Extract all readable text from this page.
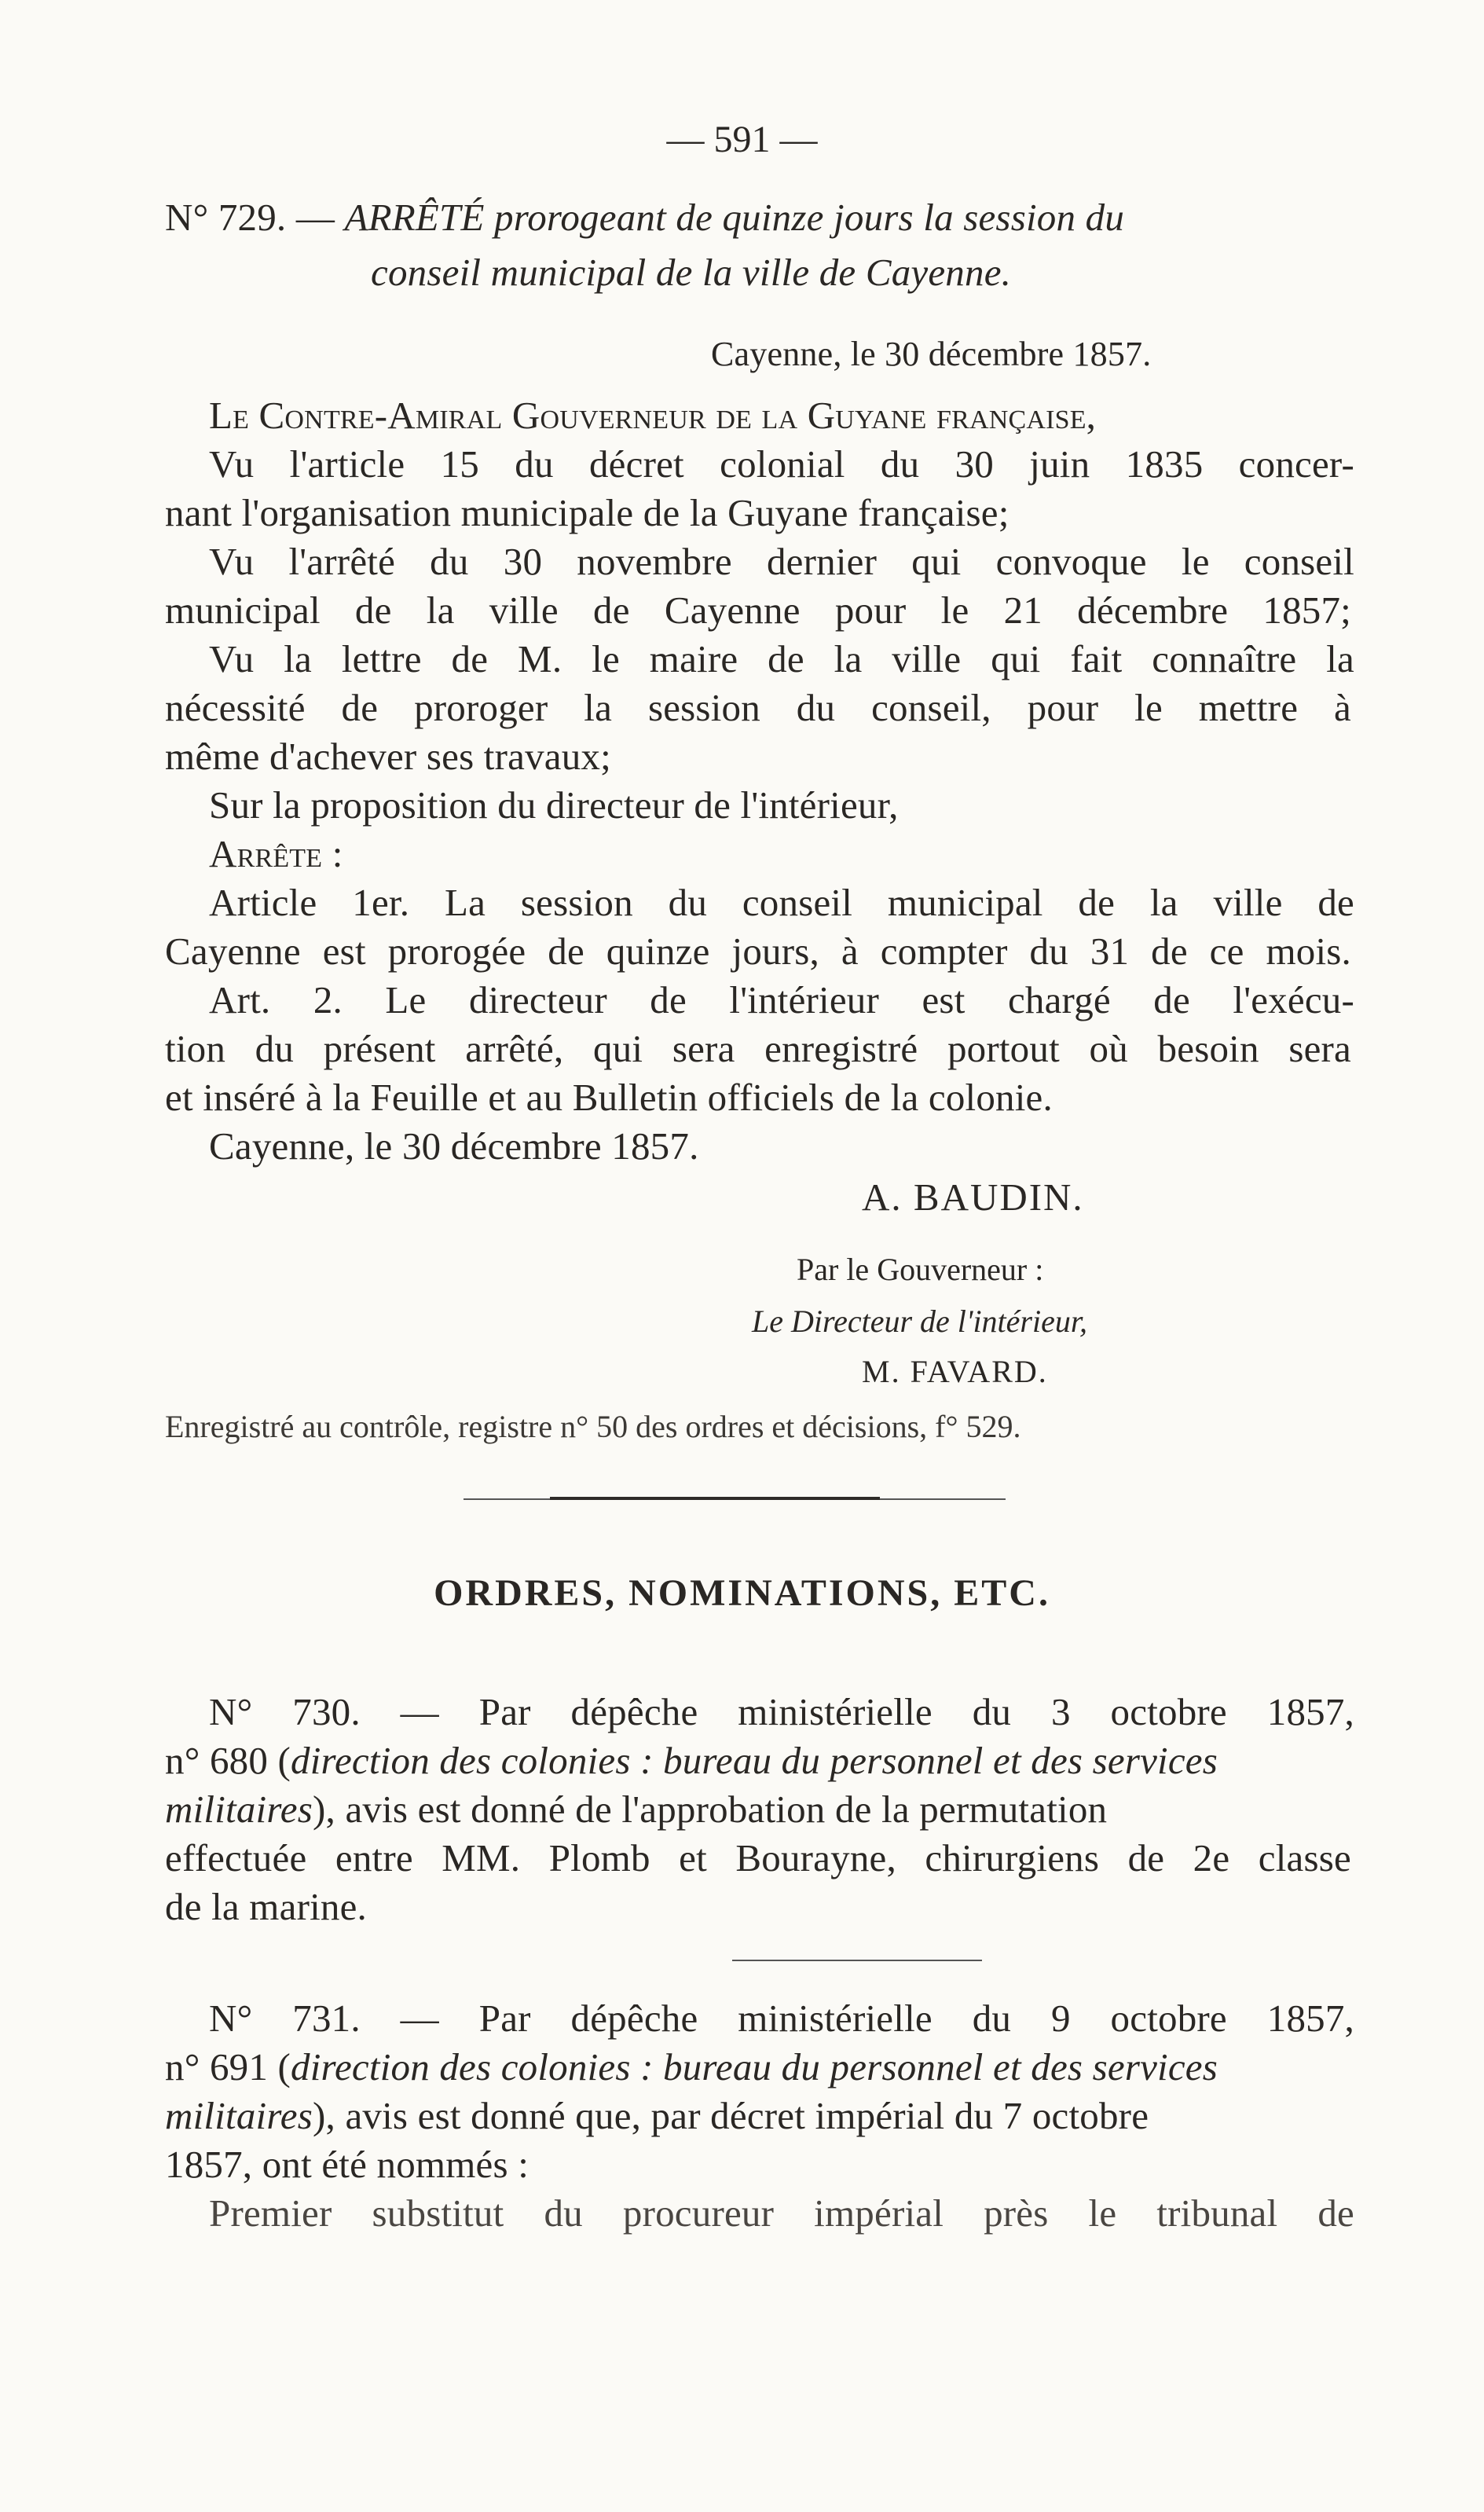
— 591 —
N° 729. — ARRÊTÉ prorogeant de quinze jours la session du
conseil municipal de la ville de Cayenne.
Cayenne, le 30 décembre 1857.
Le Contre-Amiral Gouverneur de la Guyane française,
Vu l'article 15 du décret colonial du 30 juin 1835 concer-
nant l'organisation municipale de la Guyane française;
Vu l'arrêté du 30 novembre dernier qui convoque le conseil
municipal de la ville de Cayenne pour le 21 décembre 1857;
Vu la lettre de M. le maire de la ville qui fait connaître la
nécessité de proroger la session du conseil, pour le mettre à
même d'achever ses travaux;
Sur la proposition du directeur de l'intérieur,
Arrête :
Article 1er. La session du conseil municipal de la ville de
Cayenne est prorogée de quinze jours, à compter du 31 de ce mois.
Art. 2. Le directeur de l'intérieur est chargé de l'exécu-
tion du présent arrêté, qui sera enregistré portout où besoin sera
et inséré à la Feuille et au Bulletin officiels de la colonie.
Cayenne, le 30 décembre 1857.
A. BAUDIN.
Par le Gouverneur :
Le Directeur de l'intérieur,
M. FAVARD.
Enregistré au contrôle, registre n° 50 des ordres et décisions, f° 529.
ORDRES, NOMINATIONS, ETC.
N° 730. — Par dépêche ministérielle du 3 octobre 1857,
n° 680 (direction des colonies : bureau du personnel et des services
militaires), avis est donné de l'approbation de la permutation
effectuée entre MM. Plomb et Bourayne, chirurgiens de 2e classe
de la marine.
N° 731. — Par dépêche ministérielle du 9 octobre 1857,
n° 691 (direction des colonies : bureau du personnel et des services
militaires), avis est donné que, par décret impérial du 7 octobre
1857, ont été nommés :
Premier substitut du procureur impérial près le tribunal de
